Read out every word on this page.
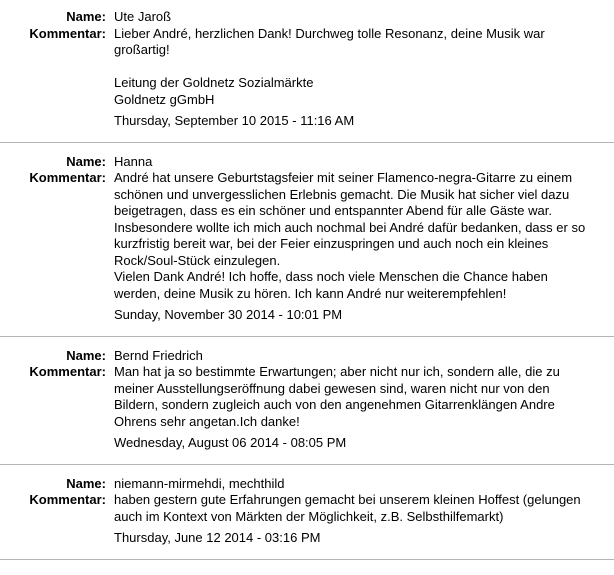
Name: Ute Jaroß
Kommentar: Lieber André, herzlichen Dank! Durchweg tolle Resonanz, deine Musik war großartig!

Leitung der Goldnetz Sozialmärkte
Goldnetz gGmbH
Thursday, September 10 2015 - 11:16 AM
Name: Hanna
Kommentar: André hat unsere Geburtstagsfeier mit seiner Flamenco-negra-Gitarre zu einem schönen und unvergesslichen Erlebnis gemacht. Die Musik hat sicher viel dazu beigetragen, dass es ein schöner und entspannter Abend für alle Gäste war. Insbesondere wollte ich mich auch nochmal bei André dafür bedanken, dass er so kurzfristig bereit war, bei der Feier einzuspringen und auch noch ein kleines Rock/Soul-Stück einzulegen.
Vielen Dank André! Ich hoffe, dass noch viele Menschen die Chance haben werden, deine Musik zu hören. Ich kann André nur weiterempfehlen!
Sunday, November 30 2014 - 10:01 PM
Name: Bernd Friedrich
Kommentar: Man hat ja so bestimmte Erwartungen; aber nicht nur ich, sondern alle, die zu meiner Ausstellungseröffnung dabei gewesen sind, waren nicht nur von den Bildern, sondern zugleich auch von den angenehmen Gitarrenklängen Andre Ohrens sehr angetan.Ich danke!
Wednesday, August 06 2014 - 08:05 PM
Name: niemann-mirmehdi, mechthild
Kommentar: haben gestern gute Erfahrungen gemacht bei unserem kleinen Hoffest (gelungen auch im Kontext von Märkten der Möglichkeit, z.B. Selbsthilfemarkt)
Thursday, June 12 2014 - 03:16 PM
